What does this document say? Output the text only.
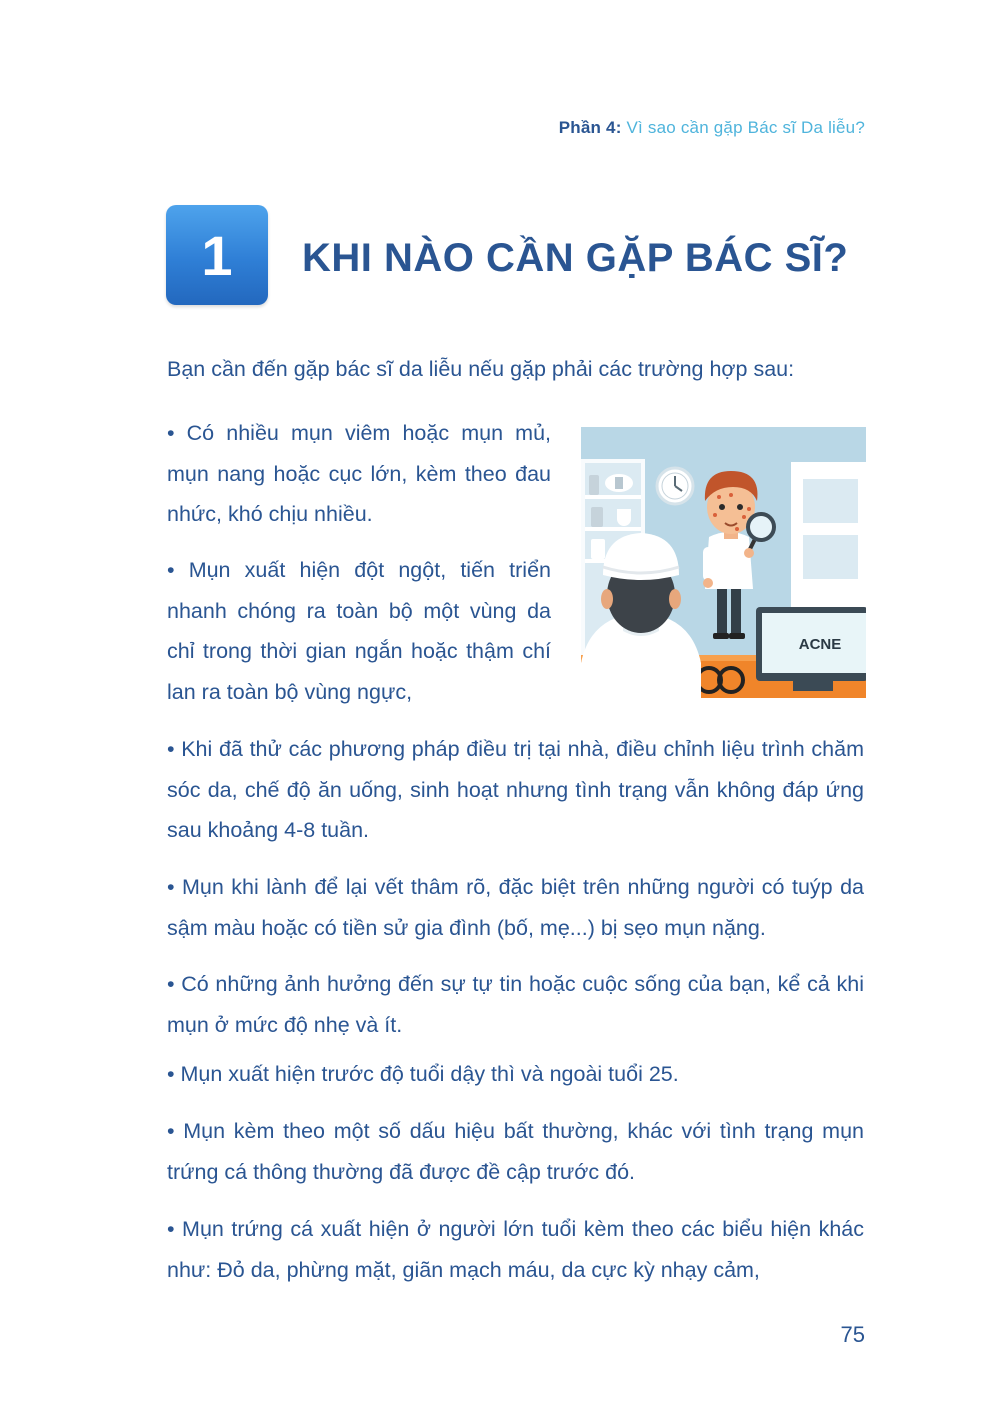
Phần 4: Vì sao cần gặp Bác sĩ Da liễu?
1	KHI NÀO CẦN GẶP BÁC SĨ?
Bạn cần đến gặp bác sĩ da liễu nếu gặp phải các trường hợp sau:
• Có nhiều mụn viêm hoặc mụn mủ, mụn nang hoặc cục lớn, kèm theo đau nhức, khó chịu nhiều.
• Mụn xuất hiện đột ngột, tiến triển nhanh chóng ra toàn bộ một vùng da chỉ trong thời gian ngắn hoặc thậm chí lan ra toàn bộ vùng ngực,
• Khi đã thử các phương pháp điều trị tại nhà, điều chỉnh liệu trình chăm sóc da, chế độ ăn uống, sinh hoạt nhưng tình trạng vẫn không đáp ứng sau khoảng 4-8 tuần.
• Mụn khi lành để lại vết thâm rõ, đặc biệt trên những người có tuýp da sậm màu hoặc có tiền sử gia đình (bố, mẹ...) bị sẹo mụn nặng.
• Có những ảnh hưởng đến sự tự tin hoặc cuộc sống của bạn, kể cả khi mụn ở mức độ nhẹ và ít.
• Mụn xuất hiện trước độ tuổi dậy thì và ngoài tuổi 25.
• Mụn kèm theo một số dấu hiệu bất thường, khác với tình trạng mụn trứng cá thông thường đã được đề cập trước đó.
• Mụn trứng cá xuất hiện ở người lớn tuổi kèm theo các biểu hiện khác như: Đỏ da, phừng mặt, giãn mạch máu, da cực kỳ nhạy cảm,
ACNE
75
